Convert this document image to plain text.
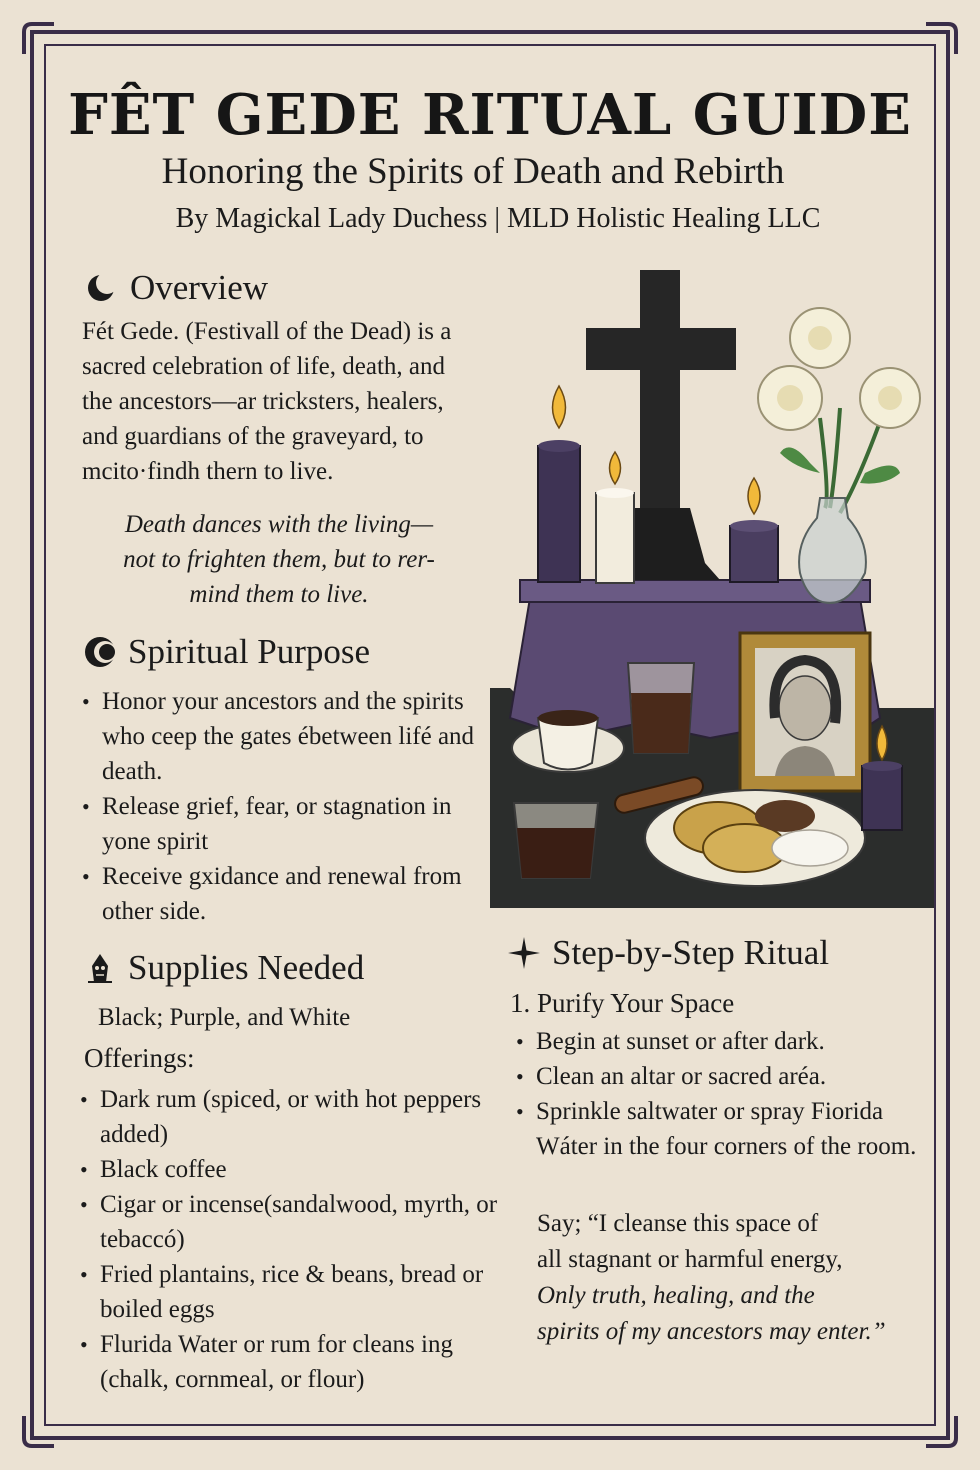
FÊT GEDE RITUAL GUIDE
Honoring the Spirits of Death and Rebirth
By Magickal Lady Duchess | MLD Holistic Healing LLC
Overview
Fét Gede. (Festivall of the Dead) is a
sacred celebration of life, death, and
the ancestors—ar tricksters, healers,
and guardians of the graveyard, to
mcito·findh thern to live.
Death dances with the living—
not to frighten them, but to rer-
mind them to live.
Spiritual Purpose
• Honor your ancestors and the spirits who ceep the gates ébetween lifé and death.
• Release grief, fear, or stagnation in yone spirit
• Receive gxidance and renewal from other side.
Supplies Needed
Black; Purple, and White
Offerings:
• Dark rum (spiced, or with hot peppers added)
• Black coffee
• Cigar or incense(sandalwood, myrth, or tebaccó)
• Fried plantains, rice & beans, bread or boiled eggs
• Flurida Water or rum for cleans ing (chalk, cornmeal, or flour)
Step-by-Step Ritual
1. Purify Your Space
• Begin at sunset or after dark.
• Clean an altar or sacred aréa.
• Sprinkle saltwater or spray Fiorida Wáter in the four corners of the room.
Say; “I cleanse this space of
all stagnant or harmful energy,
Only truth, healing, and the
spirits of my ancestors may enter.”
